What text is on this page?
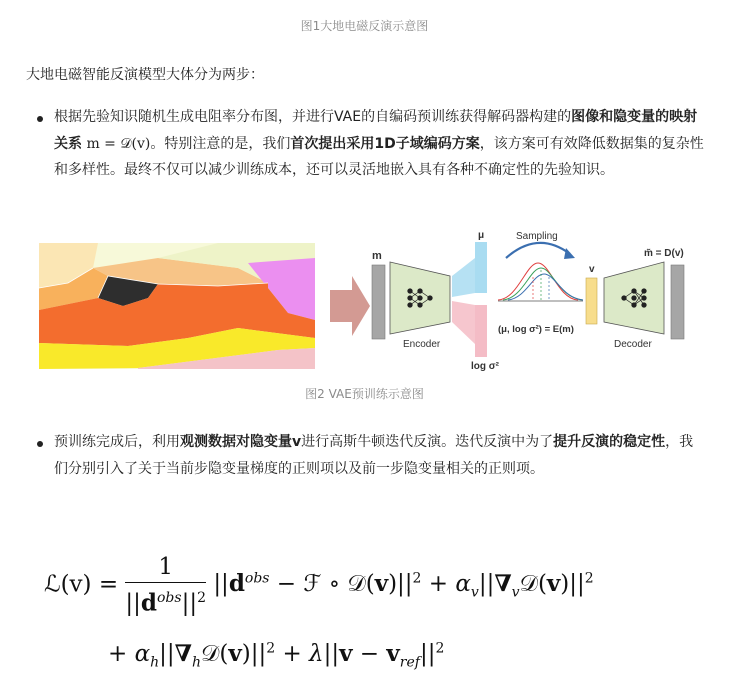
图1大地电磁反演示意图
大地电磁智能反演模型大体分为两步：
根据先验知识随机生成电阻率分布图，并进行VAE的自编码预训练获得解码器构建的图像和隐变量的映射关系 m = 𝒟(v)。特别注意的是，我们首次提出采用1D子域编码方案，该方案可有效降低数据集的复杂性和多样性。最终不仅可以减少训练成本，还可以灵活地嵌入具有各种不确定性的先验知识。
m
Encoder
μ
log σ²
Sampling
(μ, log σ²) = E(m)
v
Decoder
m̃ = D(v)
图2 VAE预训练示意图
预训练完成后，利用观测数据对隐变量v进行高斯牛顿迭代反演。迭代反演中为了提升反演的稳定性，我们分别引入了关于当前步隐变量梯度的正则项以及前一步隐变量相关的正则项。
ℒ(v) = $\frac{1}{||d^{obs}||^2} ||d^{obs}$ − ℱ ∘ $𝒟(v)||^2$ + $\alpha_v||\nabla_v𝒟(v)||^2$
+ $\alpha_h||\nabla_h𝒟(v)||^2 + \lambda||v - v_{ref}||^2$
